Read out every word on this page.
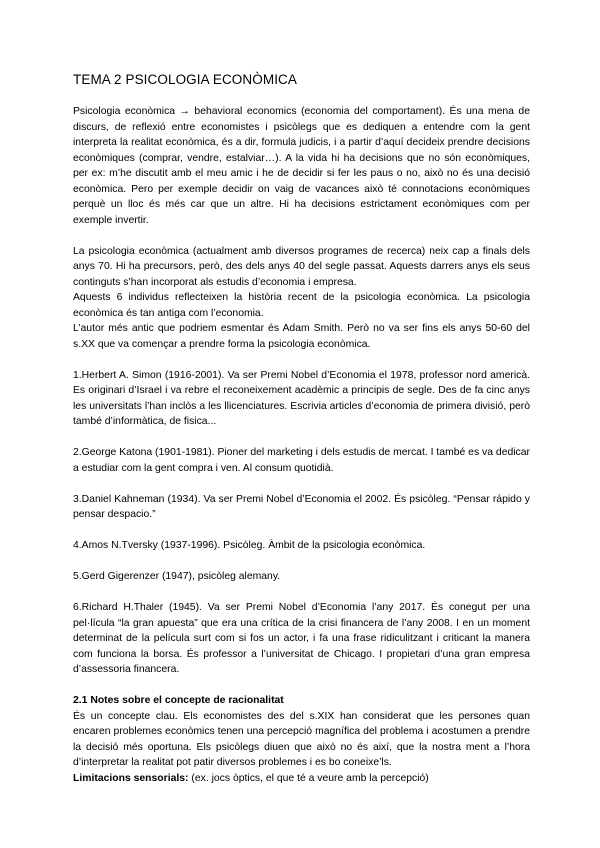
TEMA 2 PSICOLOGIA ECONÒMICA

Psicologia econòmica → behavioral economics (economia del comportament). És una mena de discurs, de reflexió entre economistes i psicòlegs que es dediquen a entendre com la gent interpreta la realitat econòmica, és a dir, formula judicis, i a partir d’aquí decideix prendre decisions econòmiques (comprar, vendre, estalviar…). A la vida hi ha decisions que no són econòmiques, per ex: m’he discutit amb el meu amic i he de decidir si fer les paus o no, això no és una decisió econòmica. Pero per exemple decidir on vaig de vacances això té connotacions econòmiques perquè un lloc és més car que un altre. Hi ha decisions estrictament econòmiques com per exemple invertir.

La psicologia econòmica (actualment amb diversos programes de recerca) neix cap a finals dels anys 70. Hi ha precursors, però, des dels anys 40 del segle passat. Aquests darrers anys els seus continguts s’han incorporat als estudis d’economia i empresa.

Aquests 6 individus reflecteixen la història recent de la psicologia econòmica. La psicologia econòmica és tan antiga com l’economia.

L’autor més antic que podriem esmentar és Adam Smith. Però no va ser fins els anys 50-60 del s.XX que va començar a prendre forma la psicologia econòmica.

1.Herbert A. Simon (1916-2001). Va ser Premi Nobel d’Economia el 1978, professor nord americà. Es originari d’Israel i va rebre el reconeixement acadèmic a principis de segle. Des de fa cinc anys les universitats l’han inclòs a les llicenciatures. Escrivia articles d’economia de primera divisió, però també d’informàtica, de fisica...

2.George Katona (1901-1981). Pioner del marketing i dels estudis de mercat. I també es va dedicar a estudiar com la gent compra i ven. Al consum quotidià.

3.Daniel Kahneman (1934). Va ser Premi Nobel d’Economia el 2002. És psicòleg. “Pensar rápido y pensar despacio.”

4.Amos N.Tversky (1937-1996). Psicòleg. Àmbit de la psicologia econòmica.

5.Gerd Gigerenzer (1947), psicòleg alemany.

6.Richard H.Thaler (1945). Va ser Premi Nobel d’Economia l’any 2017. És conegut per una pel·lícula “la gran apuesta” que era una crítica de la crisi financera de l’any 2008. I en un moment determinat de la película surt com si fos un actor, i fa una frase ridiculitzant i criticant la manera com funciona la borsa. És professor a l’universitat de Chicago. I propietari d’una gran empresa d’assessoria financera.

2.1 Notes sobre el concepte de racionalitat

És un concepte clau. Els economistes des del s.XIX han considerat que les persones quan encaren problemes econòmics tenen una percepció magnífica del problema i acostumen a prendre la decisió més oportuna. Els psicòlegs diuen que això no és així, que la nostra ment a l’hora d’interpretar la realitat pot patir diversos problemes i es bo coneixe’ls.

Limitacions sensorials: (ex. jocs òptics, el que té a veure amb la percepció)
